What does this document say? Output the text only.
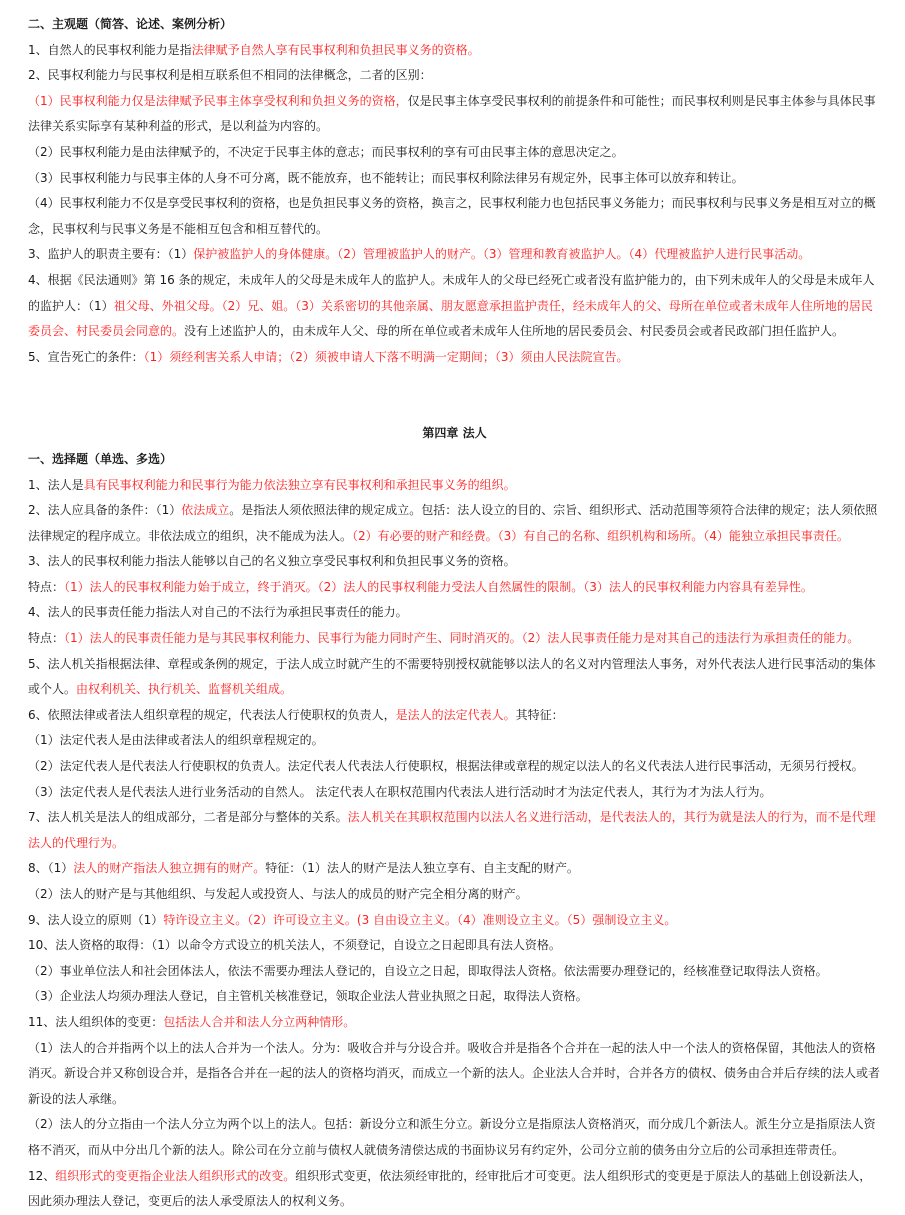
二、主观题（简答、论述、案例分析）
1、自然人的民事权利能力是指法律赋予自然人享有民事权利和负担民事义务的资格。
2、民事权利能力与民事权利是相互联系但不相同的法律概念，二者的区别：
（1）民事权利能力仅是法律赋予民事主体享受权利和负担义务的资格，仅是民事主体享受民事权利的前提条件和可能性；而民事权利则是民事主体参与具体民事法律关系实际享有某种利益的形式，是以利益为内容的。
（2）民事权利能力是由法律赋予的，不决定于民事主体的意志；而民事权利的享有可由民事主体的意思决定之。
（3）民事权利能力与民事主体的人身不可分离，既不能放弃，也不能转让；而民事权利除法律另有规定外，民事主体可以放弃和转让。
（4）民事权利能力不仅是享受民事权利的资格，也是负担民事义务的资格，换言之，民事权利能力也包括民事义务能力；而民事权利与民事义务是相互对立的概念，民事权利与民事义务是不能相互包含和相互替代的。
3、监护人的职责主要有：（1）保护被监护人的身体健康。（2）管理被监护人的财产。（3）管理和教育被监护人。（4）代理被监护人进行民事活动。
4、根据《民法通则》第 16 条的规定，未成年人的父母是未成年人的监护人。未成年人的父母已经死亡或者没有监护能力的，由下列未成年人的父母是未成年人的监护人：（1）祖父母、外祖父母。（2）兄、姐。（3）关系密切的其他亲属、朋友愿意承担监护责任，经未成年人的父、母所在单位或者未成年人住所地的居民委员会、村民委员会同意的。没有上述监护人的，由未成年人父、母的所在单位或者未成年人住所地的居民委员会、村民委员会或者民政部门担任监护人。
5、宣告死亡的条件：（1）须经利害关系人申请；（2）须被申请人下落不明满一定期间；（3）须由人民法院宣告。
第四章 法人
一、选择题（单选、多选）
1、法人是具有民事权利能力和民事行为能力依法独立享有民事权利和承担民事义务的组织。
2、法人应具备的条件：（1）依法成立。是指法人须依照法律的规定成立。包括：法人设立的目的、宗旨、组织形式、活动范围等须符合法律的规定；法人须依照法律规定的程序成立。非依法成立的组织，决不能成为法人。（2）有必要的财产和经费。（3）有自己的名称、组织机构和场所。（4）能独立承担民事责任。
3、法人的民事权利能力指法人能够以自己的名义独立享受民事权利和负担民事义务的资格。
特点：（1）法人的民事权利能力始于成立，终于消灭。（2）法人的民事权利能力受法人自然属性的限制。（3）法人的民事权利能力内容具有差异性。
4、法人的民事责任能力指法人对自己的不法行为承担民事责任的能力。
特点：（1）法人的民事责任能力是与其民事权利能力、民事行为能力同时产生、同时消灭的。（2）法人民事责任能力是对其自己的违法行为承担责任的能力。
5、法人机关指根据法律、章程或条例的规定，于法人成立时就产生的不需要特别授权就能够以法人的名义对内管理法人事务，对外代表法人进行民事活动的集体或个人。由权利机关、执行机关、监督机关组成。
6、依照法律或者法人组织章程的规定，代表法人行使职权的负责人，是法人的法定代表人。其特征：
（1）法定代表人是由法律或者法人的组织章程规定的。
（2）法定代表人是代表法人行使职权的负责人。法定代表人代表法人行使职权，根据法律或章程的规定以法人的名义代表法人进行民事活动，无须另行授权。
（3）法定代表人是代表法人进行业务活动的自然人。 法定代表人在职权范围内代表法人进行活动时才为法定代表人，其行为才为法人行为。
7、法人机关是法人的组成部分，二者是部分与整体的关系。法人机关在其职权范围内以法人名义进行活动，是代表法人的，其行为就是法人的行为，而不是代理法人的代理行为。
8、（1）法人的财产指法人独立拥有的财产。特征：（1）法人的财产是法人独立享有、自主支配的财产。
（2）法人的财产是与其他组织、与发起人或投资人、与法人的成员的财产完全相分离的财产。
9、法人设立的原则（1）特许设立主义。（2）许可设立主义。(3 自由设立主义。（4）准则设立主义。（5）强制设立主义。
10、法人资格的取得：（1）以命令方式设立的机关法人，不须登记，自设立之日起即具有法人资格。
（2）事业单位法人和社会团体法人，依法不需要办理法人登记的，自设立之日起，即取得法人资格。依法需要办理登记的，经核准登记取得法人资格。
（3）企业法人均须办理法人登记，自主管机关核准登记，领取企业法人营业执照之日起，取得法人资格。
11、法人组织体的变更：包括法人合并和法人分立两种情形。
（1）法人的合并指两个以上的法人合并为一个法人。分为：吸收合并与分设合并。吸收合并是指各个合并在一起的法人中一个法人的资格保留，其他法人的资格消灭。新设合并又称创设合并，是指各合并在一起的法人的资格均消灭，而成立一个新的法人。企业法人合并时，合并各方的债权、债务由合并后存续的法人或者新设的法人承继。
（2）法人的分立指由一个法人分立为两个以上的法人。包括：新设分立和派生分立。新设分立是指原法人资格消灭，而分成几个新法人。派生分立是指原法人资格不消灭，而从中分出几个新的法人。除公司在分立前与债权人就债务清偿达成的书面协议另有约定外，公司分立前的债务由分立后的公司承担连带责任。
12、组织形式的变更指企业法人组织形式的改变。组织形式变更，依法须经审批的，经审批后才可变更。法人组织形式的变更是于原法人的基础上创设新法人，因此须办理法人登记，变更后的法人承受原法人的权利义务。
